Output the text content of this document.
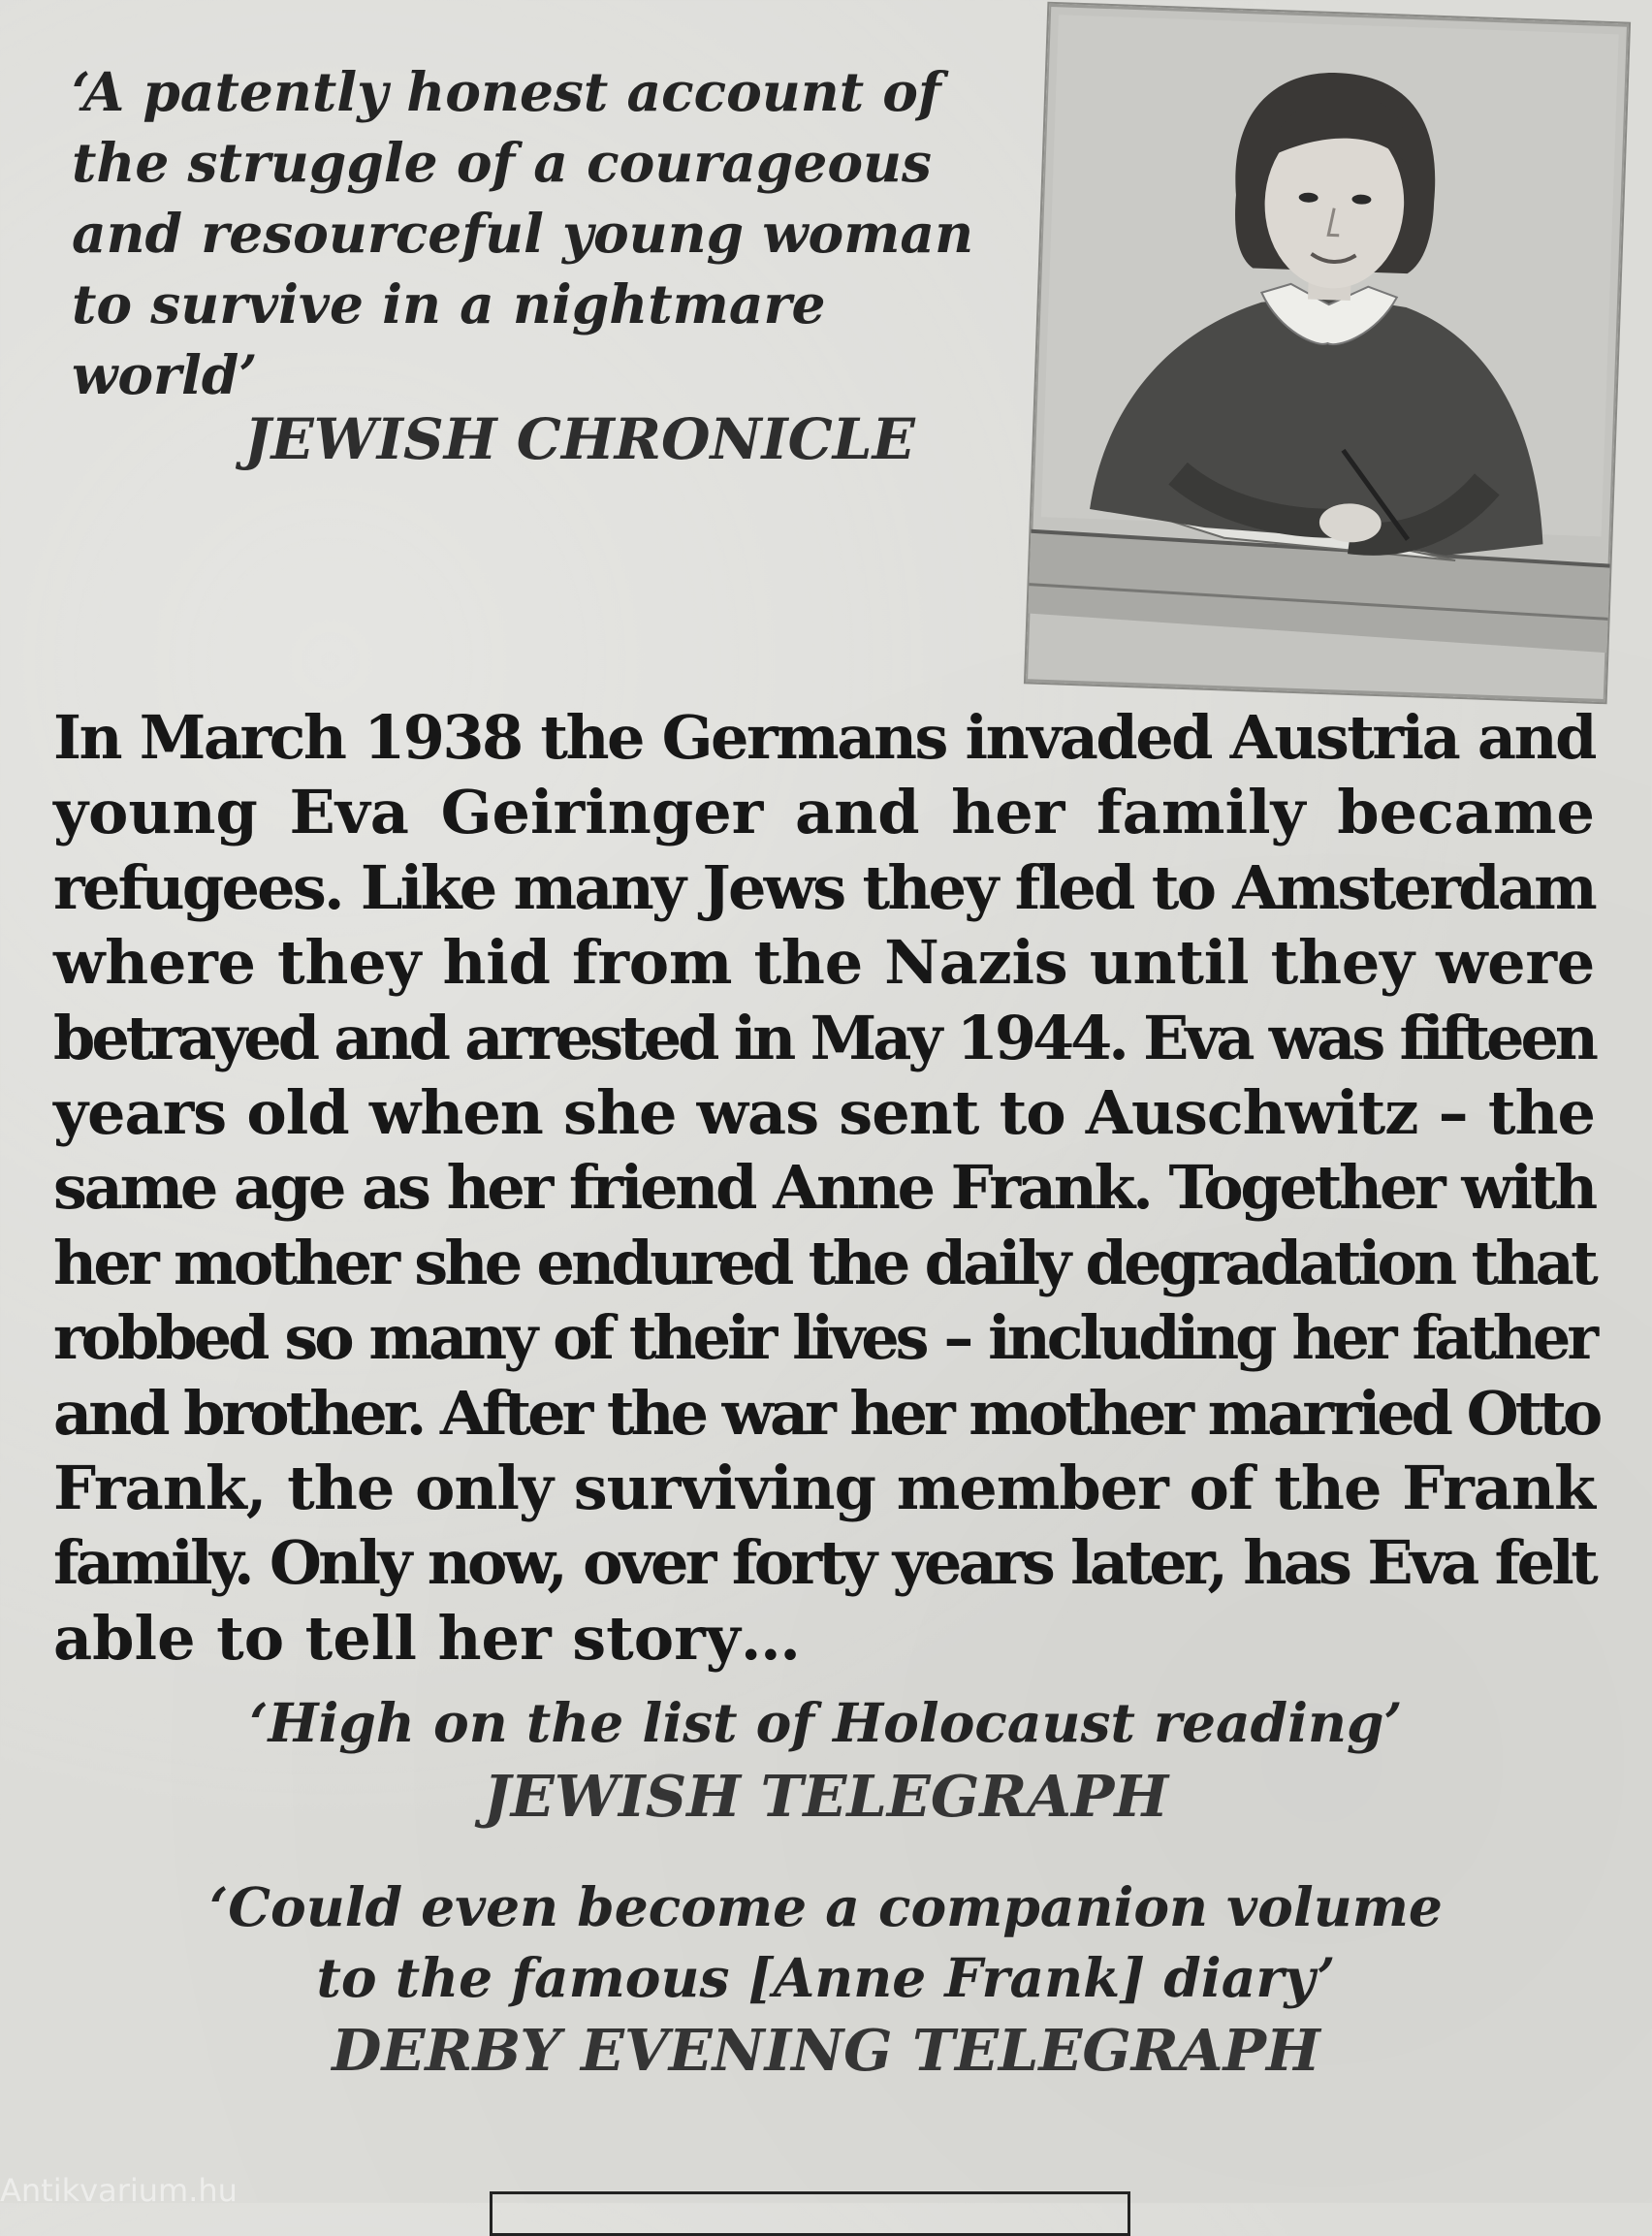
‘A patently honest account of
the struggle of a courageous
and resourceful young woman
to survive in a nightmare
world’
JEWISH CHRONICLE
In March 1938 the Germans invaded Austria and
young Eva Geiringer and her family became
refugees. Like many Jews they fled to Amsterdam
where they hid from the Nazis until they were
betrayed and arrested in May 1944. Eva was fifteen
years old when she was sent to Auschwitz – the
same age as her friend Anne Frank. Together with
her mother she endured the daily degradation that
robbed so many of their lives – including her father
and brother. After the war her mother married Otto
Frank, the only surviving member of the Frank
family. Only now, over forty years later, has Eva felt
able to tell her story…
‘High on the list of Holocaust reading’
JEWISH TELEGRAPH
‘Could even become a companion volume
to the famous [Anne Frank] diary’
DERBY EVENING TELEGRAPH
Antikvarium.hu
